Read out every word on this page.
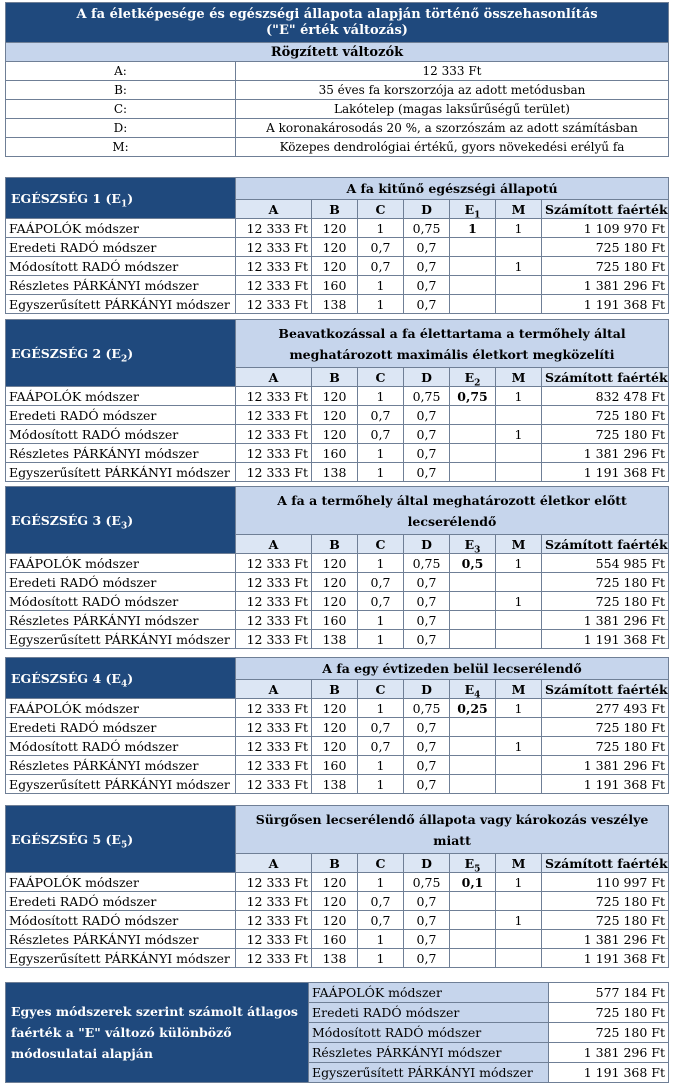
A fa életképesége és egészségi állapota alapján történő összehasonlítás
("E" érték változás)	
Rögzített változók	
A:	12 333 Ft
B:	35 éves fa korszorzója az adott metódusban
C:	Lakótelep (magas laksűrűségű terület)
D:	A koronakárosodás 20 %, a szorzószám az adott számításban
M:	Közepes dendrológiai értékű, gyors növekedési erélyű fa
EGÉSZSÉG 1 $(E_1)$	A fa kitűnő egészségi állapotú						
	A	B	C	D	$E_1$	M	Számított faérték
FAÁPOLÓK módszer	12 333 Ft	120	1	0,75	1	1	1 109 970 Ft
Eredeti RADÓ módszer	12 333 Ft	120	0,7	0,7			725 180 Ft
Módosított RADÓ módszer	12 333 Ft	120	0,7	0,7		1	725 180 Ft
Részletes PÁRKÁNYI módszer	12 333 Ft	160	1	0,7			1 381 296 Ft
Egyszerűsített PÁRKÁNYI módszer	12 333 Ft	138	1	0,7			1 191 368 Ft
EGÉSZSÉG 2 $(E_2)$	Beavatkozással a fa élettartama a termőhely által meghatározott maximális életkort megközelíti						
	A	B	C	D	$E_2$	M	Számított faérték
FAÁPOLÓK módszer	12 333 Ft	120	1	0,75	0,75	1	832 478 Ft
Eredeti RADÓ módszer	12 333 Ft	120	0,7	0,7			725 180 Ft
Módosított RADÓ módszer	12 333 Ft	120	0,7	0,7		1	725 180 Ft
Részletes PÁRKÁNYI módszer	12 333 Ft	160	1	0,7			1 381 296 Ft
Egyszerűsített PÁRKÁNYI módszer	12 333 Ft	138	1	0,7			1 191 368 Ft
EGÉSZSÉG 3 $(E_3)$	A fa a termőhely által meghatározott életkor előtt lecserélendő						
	A	B	C	D	$E_3$	M	Számított faérték
FAÁPOLÓK módszer	12 333 Ft	120	1	0,75	0,5	1	554 985 Ft
Eredeti RADÓ módszer	12 333 Ft	120	0,7	0,7			725 180 Ft
Módosított RADÓ módszer	12 333 Ft	120	0,7	0,7		1	725 180 Ft
Részletes PÁRKÁNYI módszer	12 333 Ft	160	1	0,7			1 381 296 Ft
Egyszerűsített PÁRKÁNYI módszer	12 333 Ft	138	1	0,7			1 191 368 Ft
EGÉSZSÉG 4 $(E_4)$	A fa egy évtizeden belül lecserélendő						
	A	B	C	D	$E_4$	M	Számított faérték
FAÁPOLÓK módszer	12 333 Ft	120	1	0,75	0,25	1	277 493 Ft
Eredeti RADÓ módszer	12 333 Ft	120	0,7	0,7			725 180 Ft
Módosított RADÓ módszer	12 333 Ft	120	0,7	0,7		1	725 180 Ft
Részletes PÁRKÁNYI módszer	12 333 Ft	160	1	0,7			1 381 296 Ft
Egyszerűsített PÁRKÁNYI módszer	12 333 Ft	138	1	0,7			1 191 368 Ft
EGÉSZSÉG 5 $(E_5)$	Sürgősen lecserélendő állapota vagy károkozás veszélye miatt						
	A	B	C	D	$E_5$	M	Számított faérték
FAÁPOLÓK módszer	12 333 Ft	120	1	0,75	0,1	1	110 997 Ft
Eredeti RADÓ módszer	12 333 Ft	120	0,7	0,7			725 180 Ft
Módosított RADÓ módszer	12 333 Ft	120	0,7	0,7		1	725 180 Ft
Részletes PÁRKÁNYI módszer	12 333 Ft	160	1	0,7			1 381 296 Ft
Egyszerűsített PÁRKÁNYI módszer	12 333 Ft	138	1	0,7			1 191 368 Ft
Egyes módszerek szerint számolt átlagos faérték a "E" változó különböző módosulatai alapján	FAÁPOLÓK módszer	577 184 Ft
	Eredeti RADÓ módszer	725 180 Ft
	Módosított RADÓ módszer	725 180 Ft
	Részletes PÁRKÁNYI módszer	1 381 296 Ft
	Egyszerűsített PÁRKÁNYI módszer	1 191 368 Ft
